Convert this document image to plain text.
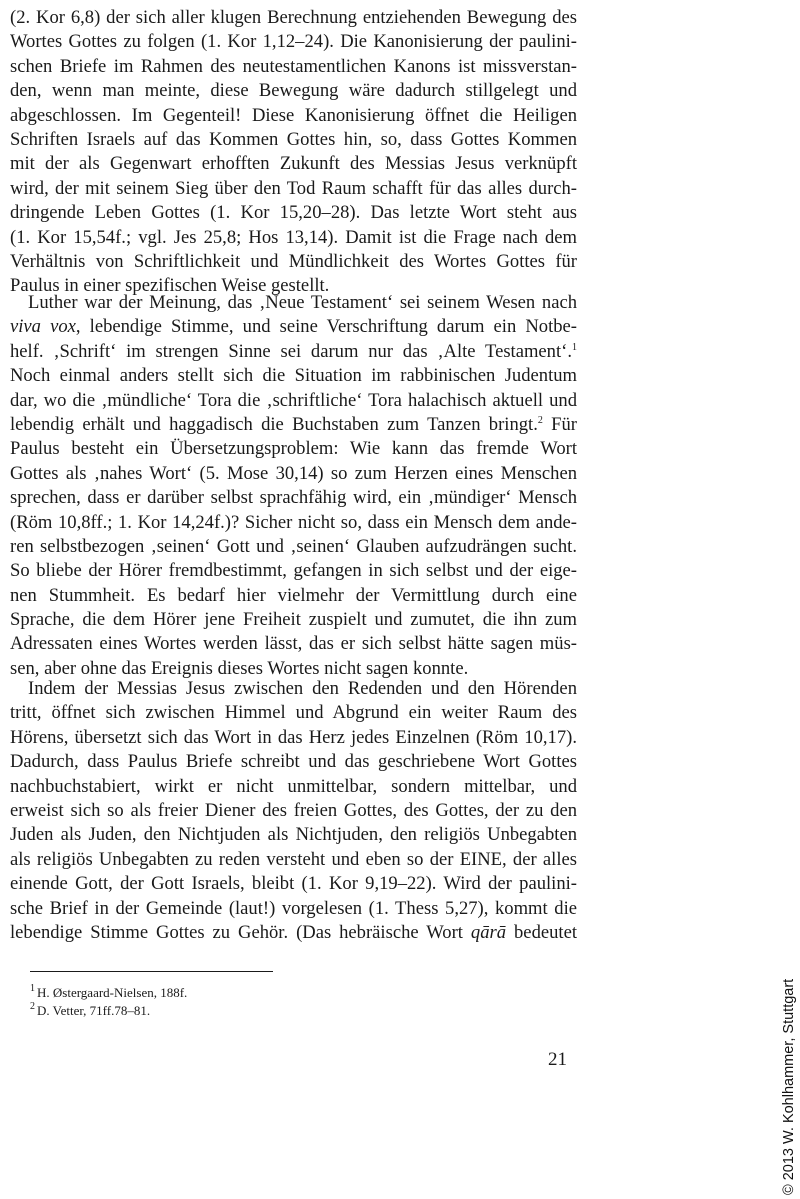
(2. Kor 6,8) der sich aller klugen Berechnung entziehenden Bewegung des
Wortes Gottes zu folgen (1. Kor 1,12–24). Die Kanonisierung der paulini-
schen Briefe im Rahmen des neutestamentlichen Kanons ist missverstan-
den, wenn man meinte, diese Bewegung wäre dadurch stillgelegt und
abgeschlossen. Im Gegenteil! Diese Kanonisierung öffnet die Heiligen
Schriften Israels auf das Kommen Gottes hin, so, dass Gottes Kommen
mit der als Gegenwart erhofften Zukunft des Messias Jesus verknüpft
wird, der mit seinem Sieg über den Tod Raum schafft für das alles durch-
dringende Leben Gottes (1. Kor 15,20–28). Das letzte Wort steht aus
(1. Kor 15,54f.; vgl. Jes 25,8; Hos 13,14). Damit ist die Frage nach dem
Verhältnis von Schriftlichkeit und Mündlichkeit des Wortes Gottes für
Paulus in einer spezifischen Weise gestellt.
Luther war der Meinung, das ‚Neue Testament‘ sei seinem Wesen nach
viva vox, lebendige Stimme, und seine Verschriftung darum ein Notbe-
helf. ‚Schrift‘ im strengen Sinne sei darum nur das ‚Alte Testament‘.$^1$
Noch einmal anders stellt sich die Situation im rabbinischen Judentum
dar, wo die ‚mündliche‘ Tora die ‚schriftliche‘ Tora halachisch aktuell und
lebendig erhält und haggadisch die Buchstaben zum Tanzen bringt.$^2$ Für
Paulus besteht ein Übersetzungsproblem: Wie kann das fremde Wort
Gottes als ‚nahes Wort‘ (5. Mose 30,14) so zum Herzen eines Menschen
sprechen, dass er darüber selbst sprachfähig wird, ein ‚mündiger‘ Mensch
(Röm 10,8ff.; 1. Kor 14,24f.)? Sicher nicht so, dass ein Mensch dem ande-
ren selbstbezogen ‚seinen‘ Gott und ‚seinen‘ Glauben aufzudrängen sucht.
So bliebe der Hörer fremdbestimmt, gefangen in sich selbst und der eige-
nen Stummheit. Es bedarf hier vielmehr der Vermittlung durch eine
Sprache, die dem Hörer jene Freiheit zuspielt und zumutet, die ihn zum
Adressaten eines Wortes werden lässt, das er sich selbst hätte sagen müs-
sen, aber ohne das Ereignis dieses Wortes nicht sagen konnte.
Indem der Messias Jesus zwischen den Redenden und den Hörenden
tritt, öffnet sich zwischen Himmel und Abgrund ein weiter Raum des
Hörens, übersetzt sich das Wort in das Herz jedes Einzelnen (Röm 10,17).
Dadurch, dass Paulus Briefe schreibt und das geschriebene Wort Gottes
nachbuchstabiert, wirkt er nicht unmittelbar, sondern mittelbar, und
erweist sich so als freier Diener des freien Gottes, des Gottes, der zu den
Juden als Juden, den Nichtjuden als Nichtjuden, den religiös Unbegabten
als religiös Unbegabten zu reden versteht und eben so der EINE, der alles
einende Gott, der Gott Israels, bleibt (1. Kor 9,19–22). Wird der paulini-
sche Brief in der Gemeinde (laut!) vorgelesen (1. Thess 5,27), kommt die
lebendige Stimme Gottes zu Gehör. (Das hebräische Wort qārā bedeutet
1 H. Østergaard-Nielsen, 188f.
2 D. Vetter, 71ff.78–81.
21	© 2013 W. Kohlhammer, Stuttgart
